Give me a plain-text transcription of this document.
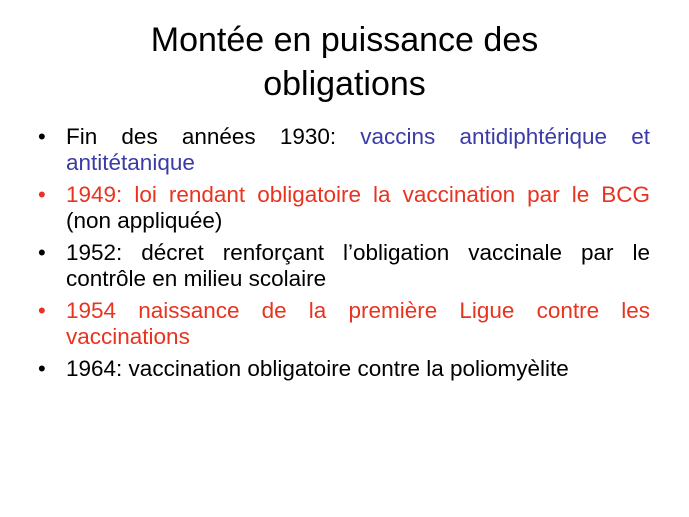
Montée en puissance des
obligations
• Fin des années 1930: vaccins antidiphtérique et antitétanique
• 1949: loi rendant obligatoire la vaccination par le BCG (non appliquée)
• 1952: décret renforçant l’obligation vaccinale par le contrôle en milieu scolaire
• 1954 naissance de la première Ligue contre les vaccinations
• 1964: vaccination obligatoire contre la poliomyèlite
